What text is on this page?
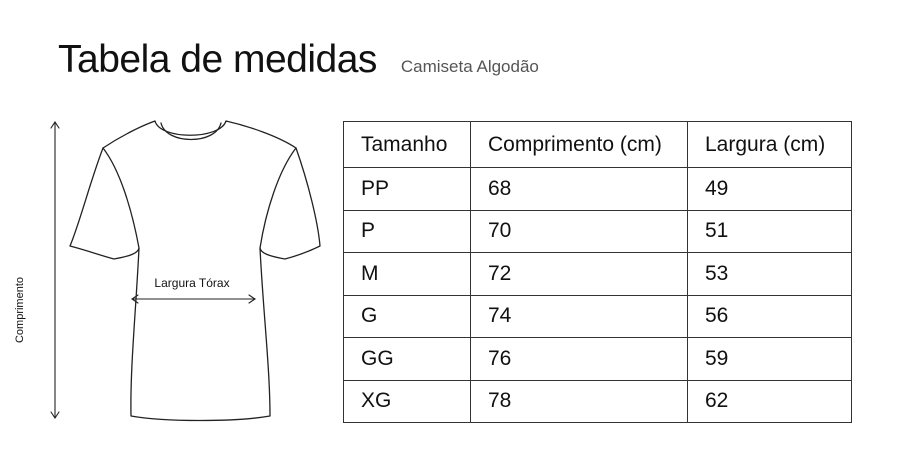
Tabela de medidas Camiseta Algodão
Comprimento	Largura Tórax
Tamanho	Comprimento (cm)	Largura (cm)
PP	68	49
P	70	51
M	72	53
G	74	56
GG	76	59
XG	78	62
